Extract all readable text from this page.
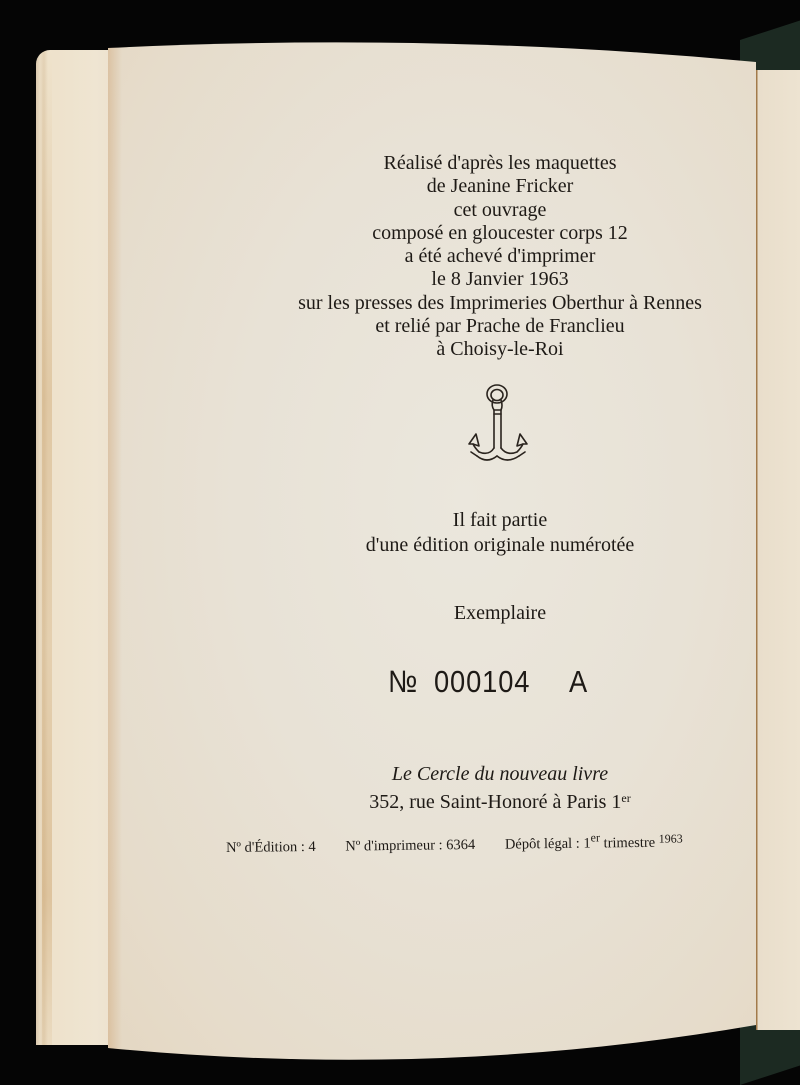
Réalisé d'après les maquettes
de Jeanine Fricker
cet ouvrage
composé en gloucester corps 12
a été achevé d'imprimer
le 8 Janvier 1963
sur les presses des Imprimeries Oberthur à Rennes
et relié par Prache de Franclieu
à Choisy-le-Roi
Il fait partie
d'une édition originale numérotée
Exemplaire
№ 000104 A
Le Cercle du nouveau livre
352, rue Saint-Honoré à Paris 1er
Nº d'Édition : 4 Nº d'imprimeur : 6364 Dépôt légal : 1er trimestre $^{1963}$
